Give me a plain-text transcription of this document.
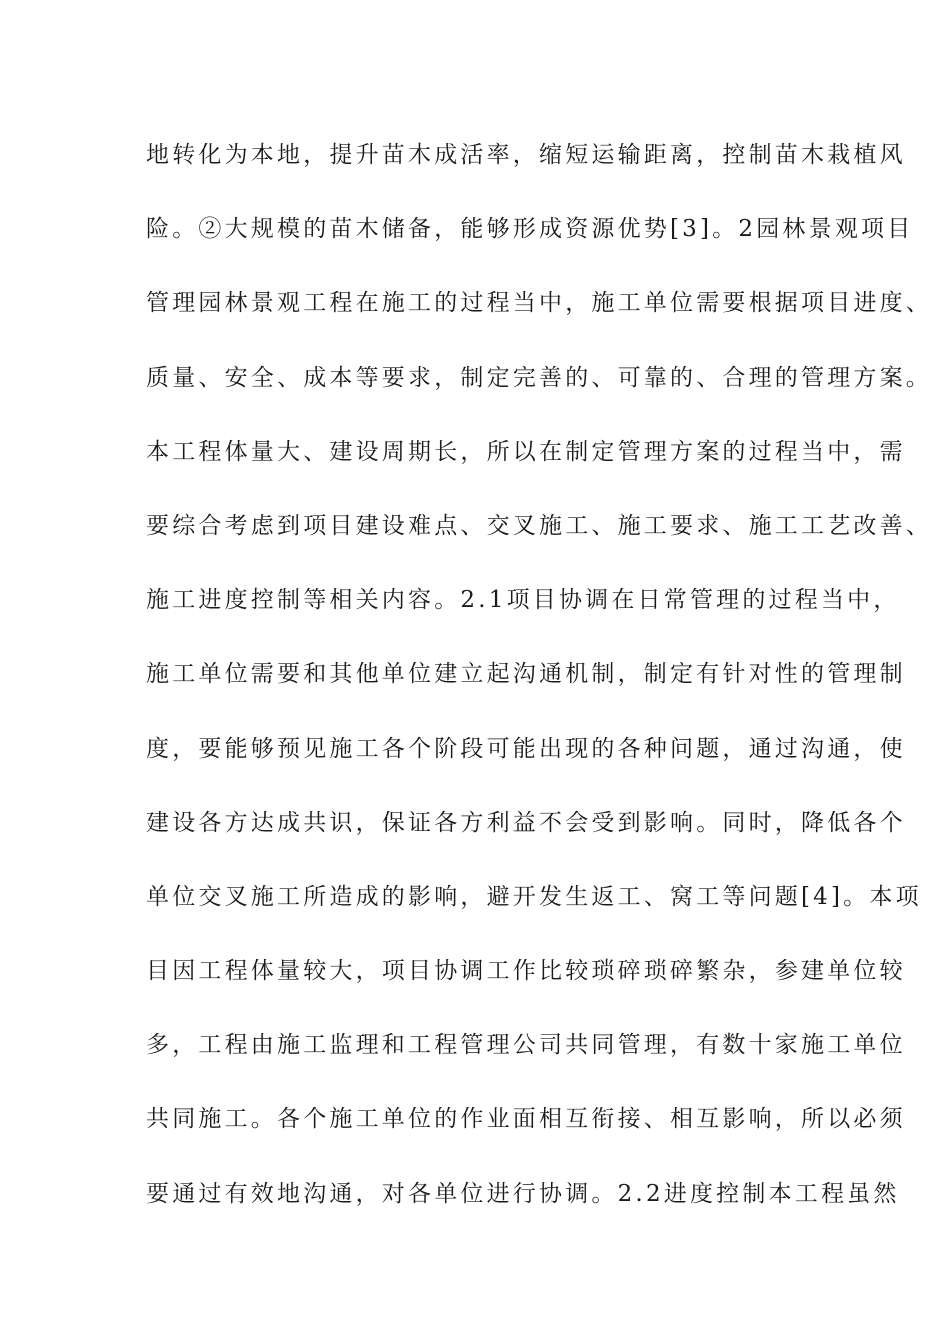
地转化为本地，提升苗木成活率，缩短运输距离，控制苗木栽植风
险。②大规模的苗木储备，能够形成资源优势[3]。2园林景观项目
管理园林景观工程在施工的过程当中，施工单位需要根据项目进度、
质量、安全、成本等要求，制定完善的、可靠的、合理的管理方案。
本工程体量大、建设周期长，所以在制定管理方案的过程当中，需
要综合考虑到项目建设难点、交叉施工、施工要求、施工工艺改善、
施工进度控制等相关内容。2.1项目协调在日常管理的过程当中，
施工单位需要和其他单位建立起沟通机制，制定有针对性的管理制
度，要能够预见施工各个阶段可能出现的各种问题，通过沟通，使
建设各方达成共识，保证各方利益不会受到影响。同时，降低各个
单位交叉施工所造成的影响，避开发生返工、窝工等问题[4]。本项
目因工程体量较大，项目协调工作比较琐碎琐碎繁杂，参建单位较
多，工程由施工监理和工程管理公司共同管理，有数十家施工单位
共同施工。各个施工单位的作业面相互衔接、相互影响，所以必须
要通过有效地沟通，对各单位进行协调。2.2进度控制本工程虽然
